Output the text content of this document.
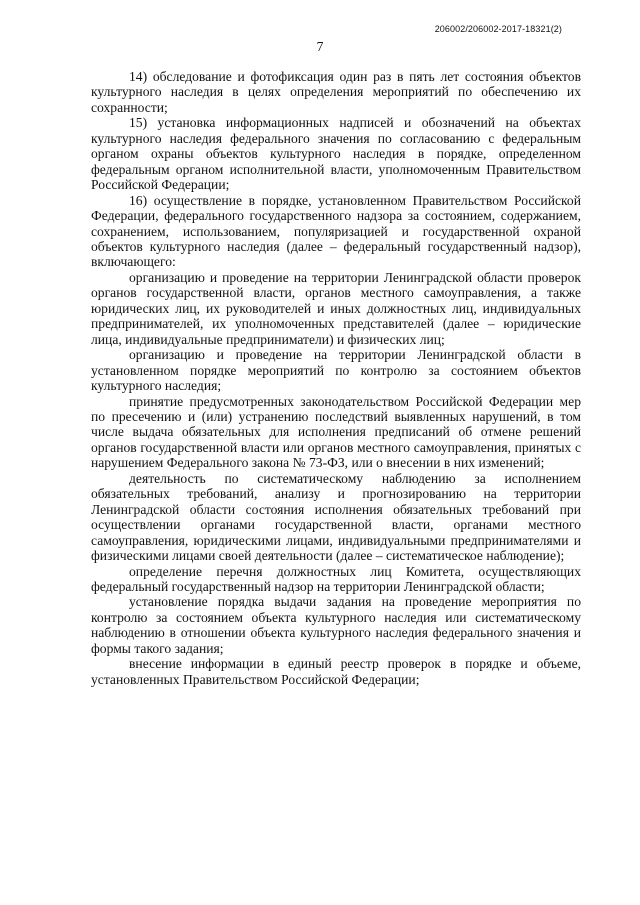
206002/206002-2017-18321(2)
7

14) обследование и фотофиксация один раз в пять лет состояния объектов культурного наследия в целях определения мероприятий по обеспечению их сохранности;

15) установка информационных надписей и обозначений на объектах культурного наследия федерального значения по согласованию с федеральным органом охраны объектов культурного наследия в порядке, определенном федеральным органом исполнительной власти, уполномоченным Правительством Российской Федерации;

16) осуществление в порядке, установленном Правительством Российской Федерации, федерального государственного надзора за состоянием, содержанием, сохранением, использованием, популяризацией и государственной охраной объектов культурного наследия (далее – федеральный государственный надзор), включающего:

организацию и проведение на территории Ленинградской области проверок органов государственной власти, органов местного самоуправления, а также юридических лиц, их руководителей и иных должностных лиц, индивидуальных предпринимателей, их уполномоченных представителей (далее – юридические лица, индивидуальные предприниматели) и физических лиц;

организацию и проведение на территории Ленинградской области в установленном порядке мероприятий по контролю за состоянием объектов культурного наследия;

принятие предусмотренных законодательством Российской Федерации мер по пресечению и (или) устранению последствий выявленных нарушений, в том числе выдача обязательных для исполнения предписаний об отмене решений органов государственной власти или органов местного самоуправления, принятых с нарушением Федерального закона № 73-ФЗ, или о внесении в них изменений;

деятельность по систематическому наблюдению за исполнением обязательных требований, анализу и прогнозированию на территории Ленинградской области состояния исполнения обязательных требований при осуществлении органами государственной власти, органами местного самоуправления, юридическими лицами, индивидуальными предпринимателями и физическими лицами своей деятельности (далее – систематическое наблюдение);

определение перечня должностных лиц Комитета, осуществляющих федеральный государственный надзор на территории Ленинградской области;

установление порядка выдачи задания на проведение мероприятия по контролю за состоянием объекта культурного наследия или систематическому наблюдению в отношении объекта культурного наследия федерального значения и формы такого задания;

внесение информации в единый реестр проверок в порядке и объеме, установленных Правительством Российской Федерации;
